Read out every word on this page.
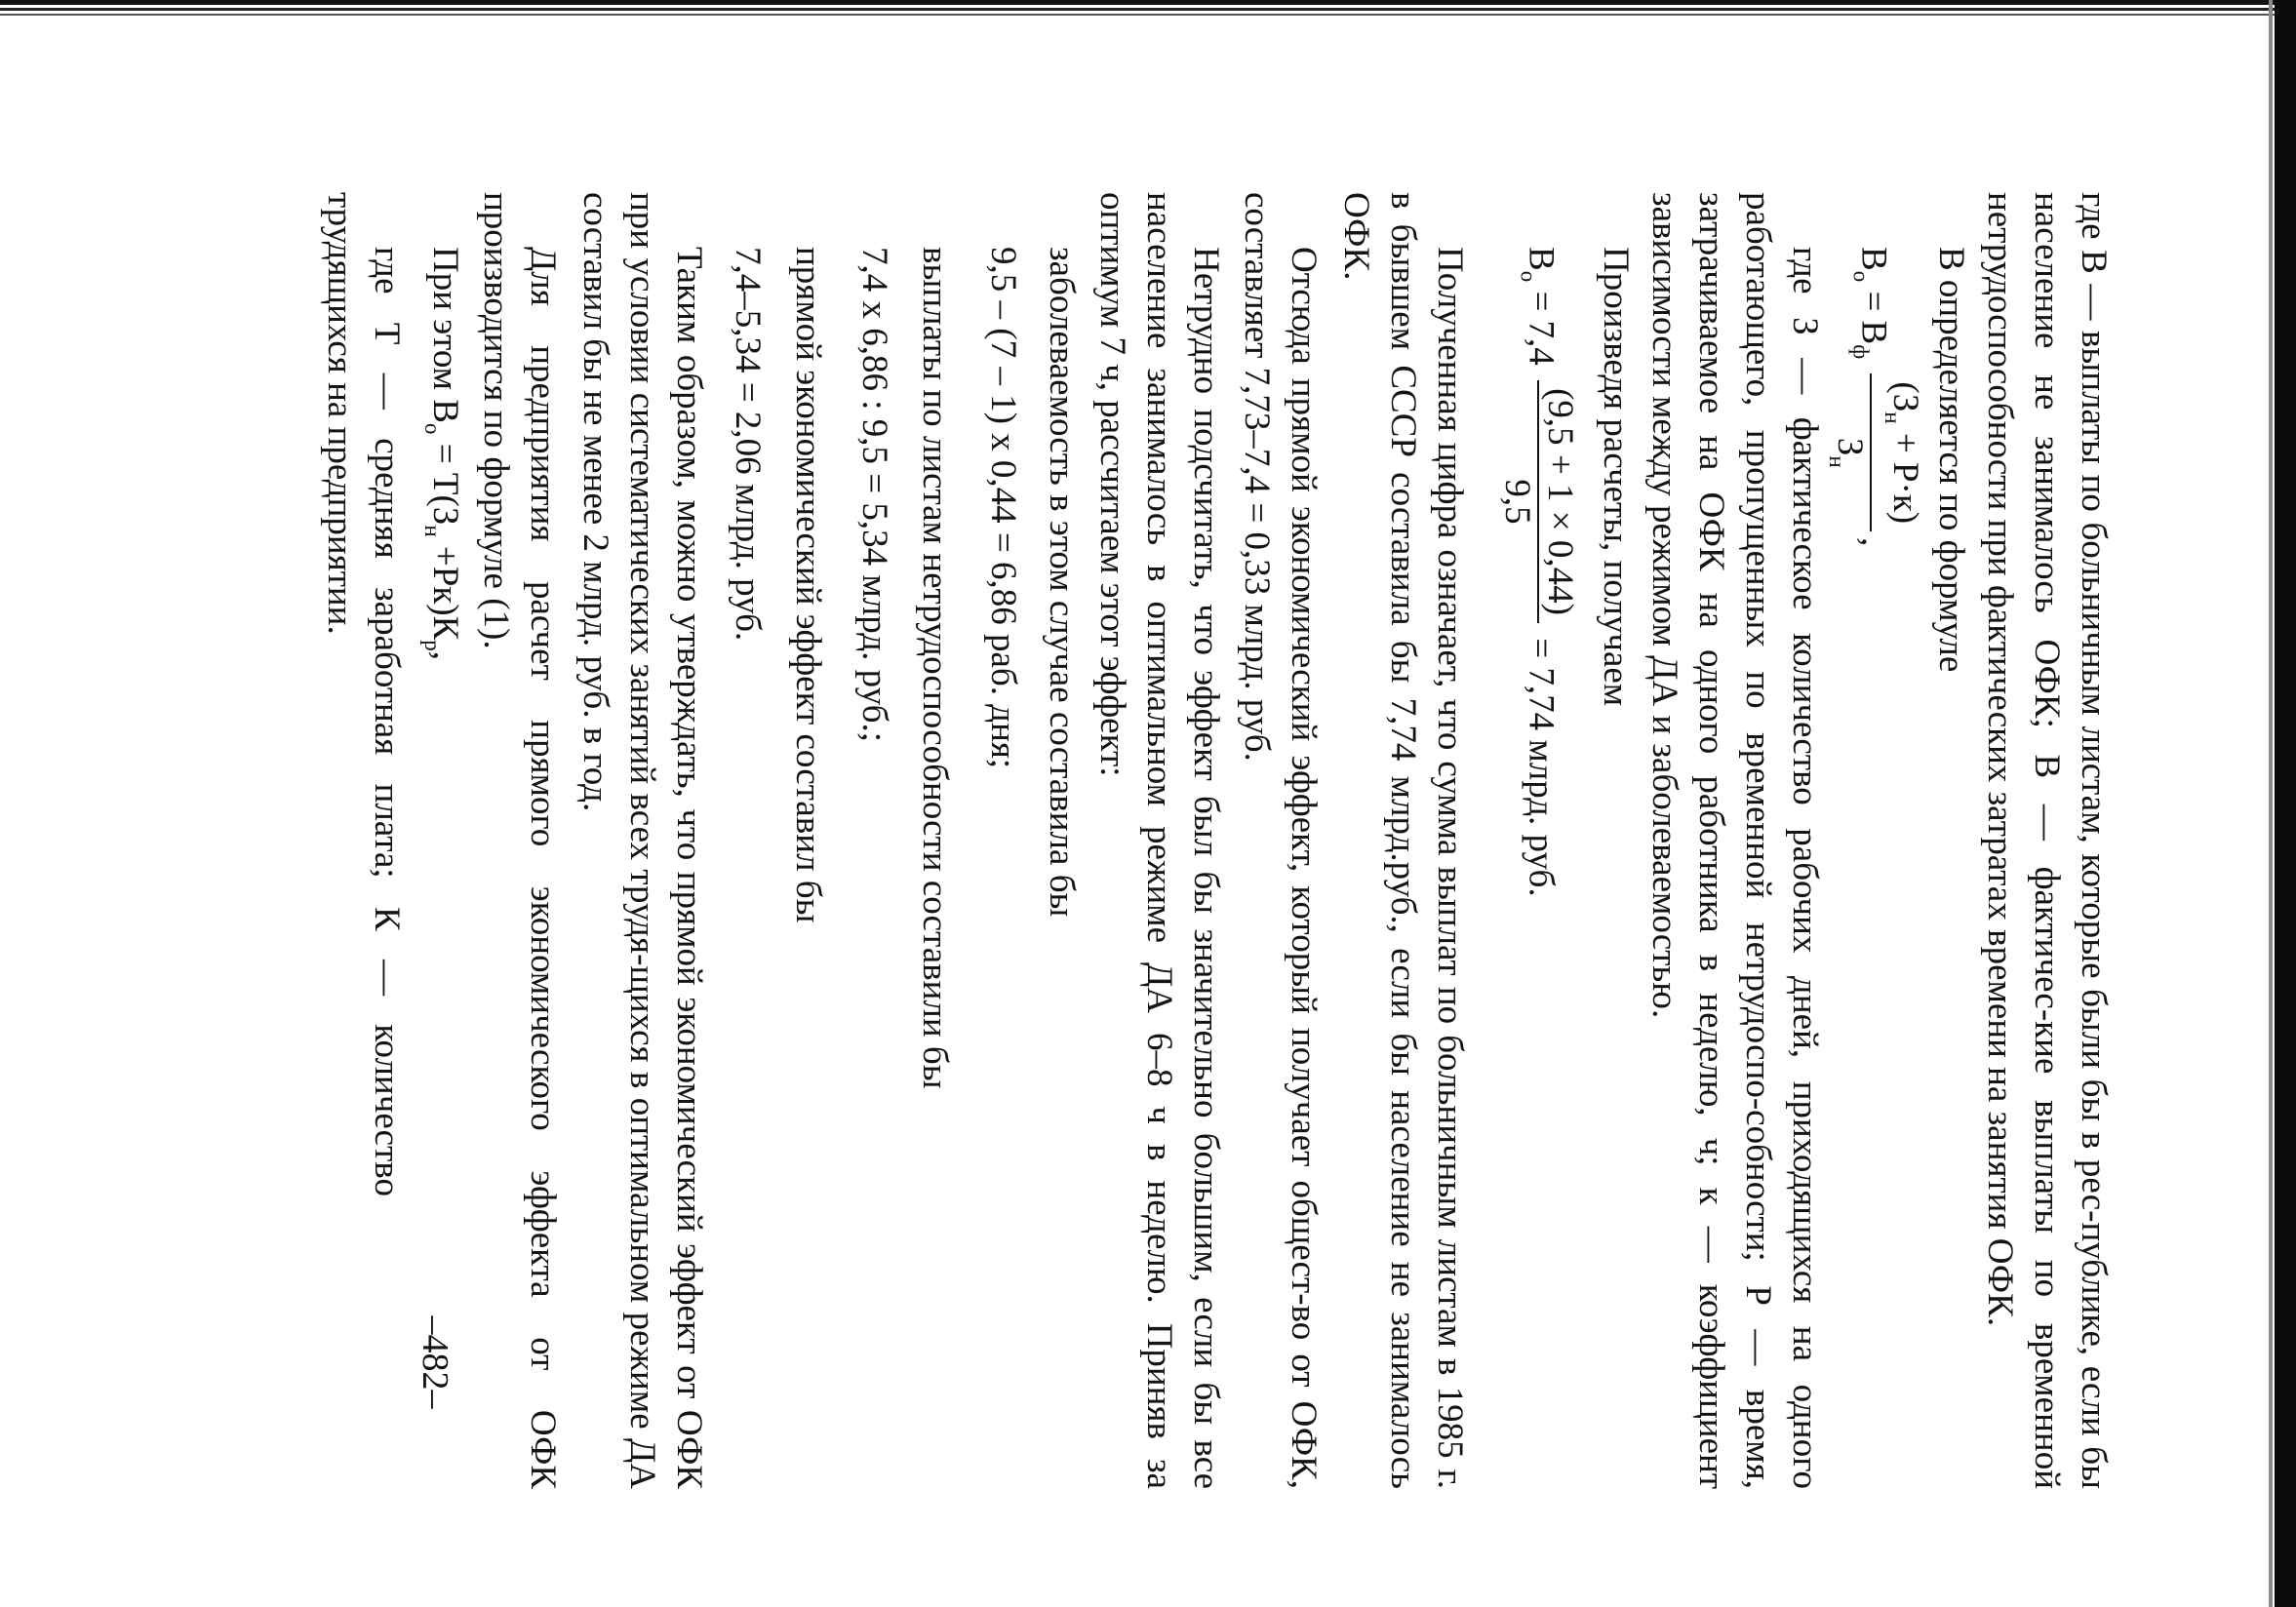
где В — выплаты по больничным листам, которые были бы в рес-публике, если бы население не занималось ОФК; В — фактичес-кие выплаты по временной нетрудоспособности при фактических затратах времени на занятия ОФК.

В определяется по формуле

$В_о = В_ф$
$(З_н + Р\cdot к)$
$З_н$
,

где З — фактическое количество рабочих дней, приходящихся на одного работающего, пропущенных по временной нетрудоспо-собности; Р — время, затрачиваемое на ОФК на одного работника в неделю, ч; к — коэффициент зависимости между режимом ДА и заболеваемостью.

Произведя расчеты, получаем

$В_о = 7,4$
(9,5 + 1 × 0,44)
9,5
= 7,74 млрд. руб.

Полученная цифра означает, что сумма выплат по больничным листам в 1985 г. в бывшем СССР составила бы 7,74 млрд.руб., если бы население не занималось ОФК.

Отсюда прямой экономический эффект, который получает общест-во от ОФК, составляет 7,73–7,4 = 0,33 млрд. руб.

Нетрудно подсчитать, что эффект был бы значительно большим, если бы все население занималось в оптимальном режиме ДА 6–8 ч в неделю. Приняв за оптимум 7 ч, рассчитаем этот эффект:

заболеваемость в этом случае составила бы

9,5 – (7 – 1) х 0,44 = 6,86 раб. дня;

выплаты по листам нетрудоспособности составили бы

7,4 х 6,86 : 9,5 = 5,34 млрд. руб.;

прямой экономический эффект составил бы

7,4–5,34 = 2,06 млрд. руб.

Таким образом, можно утверждать, что прямой экономический эффект от ОФК при условии систематических занятий всех трудя-щихся в оптимальном режиме ДА составил бы не менее 2 млрд. руб. в год.

Для предприятия расчет прямого экономического эффекта от ОФК производится по формуле (1).

При этом $В_о = Т(З_н +Рк)К_р$,

где Т — средняя заработная плата; К — количество трудящихся на предприятии.

–482–
